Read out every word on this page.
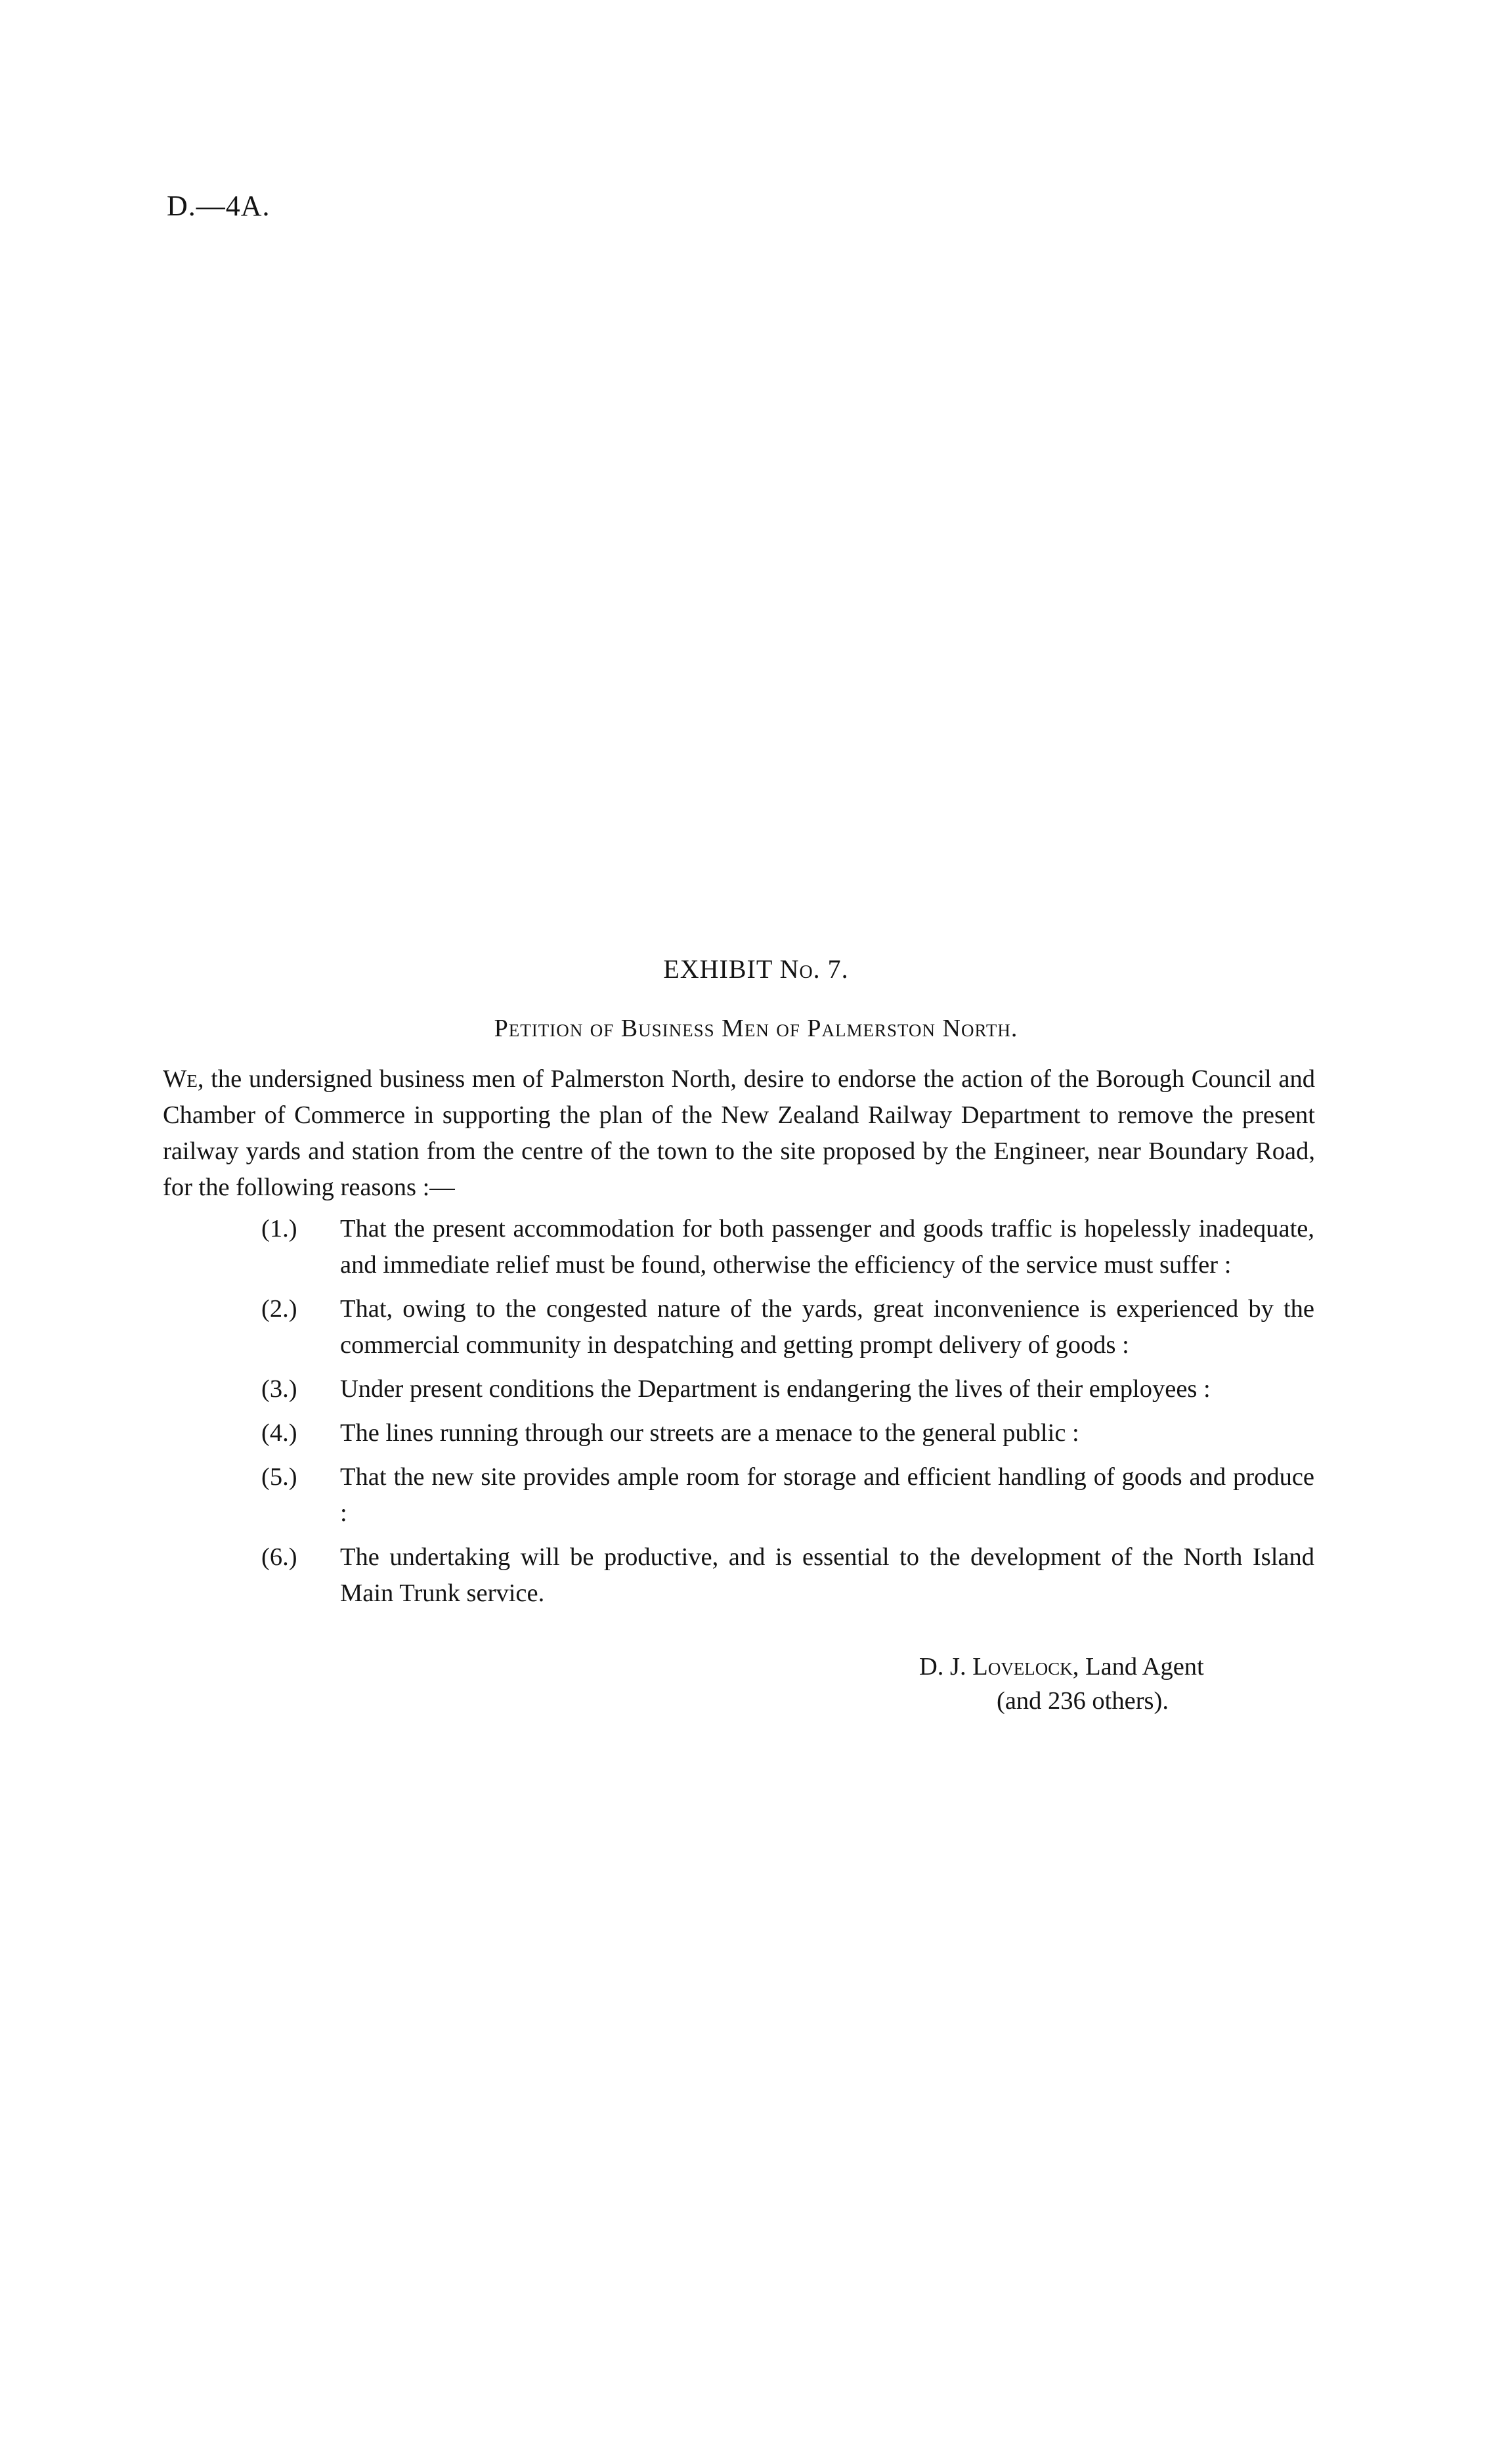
D.—4A.
EXHIBIT No. 7.
Petition of Business Men of Palmerston North.

We, the undersigned business men of Palmerston North, desire to endorse the action of the Borough Council and Chamber of Commerce in supporting the plan of the New Zealand Railway Department to remove the present railway yards and station from the centre of the town to the site proposed by the Engineer, near Boundary Road, for the following reasons :—

(1.)	That the present accommodation for both passenger and goods traffic is hopelessly inadequate, and immediate relief must be found, otherwise the efficiency of the service must suffer :
(2.)	That, owing to the congested nature of the yards, great inconvenience is experienced by the commercial community in despatching and getting prompt delivery of goods :
(3.)	Under present conditions the Department is endangering the lives of their employees :
(4.)	The lines running through our streets are a menace to the general public :
(5.)	That the new site provides ample room for storage and efficient handling of goods and produce :
(6.)	The undertaking will be productive, and is essential to the development of the North Island Main Trunk service.
D. J. Lovelock, Land Agent
(and 236 others).
